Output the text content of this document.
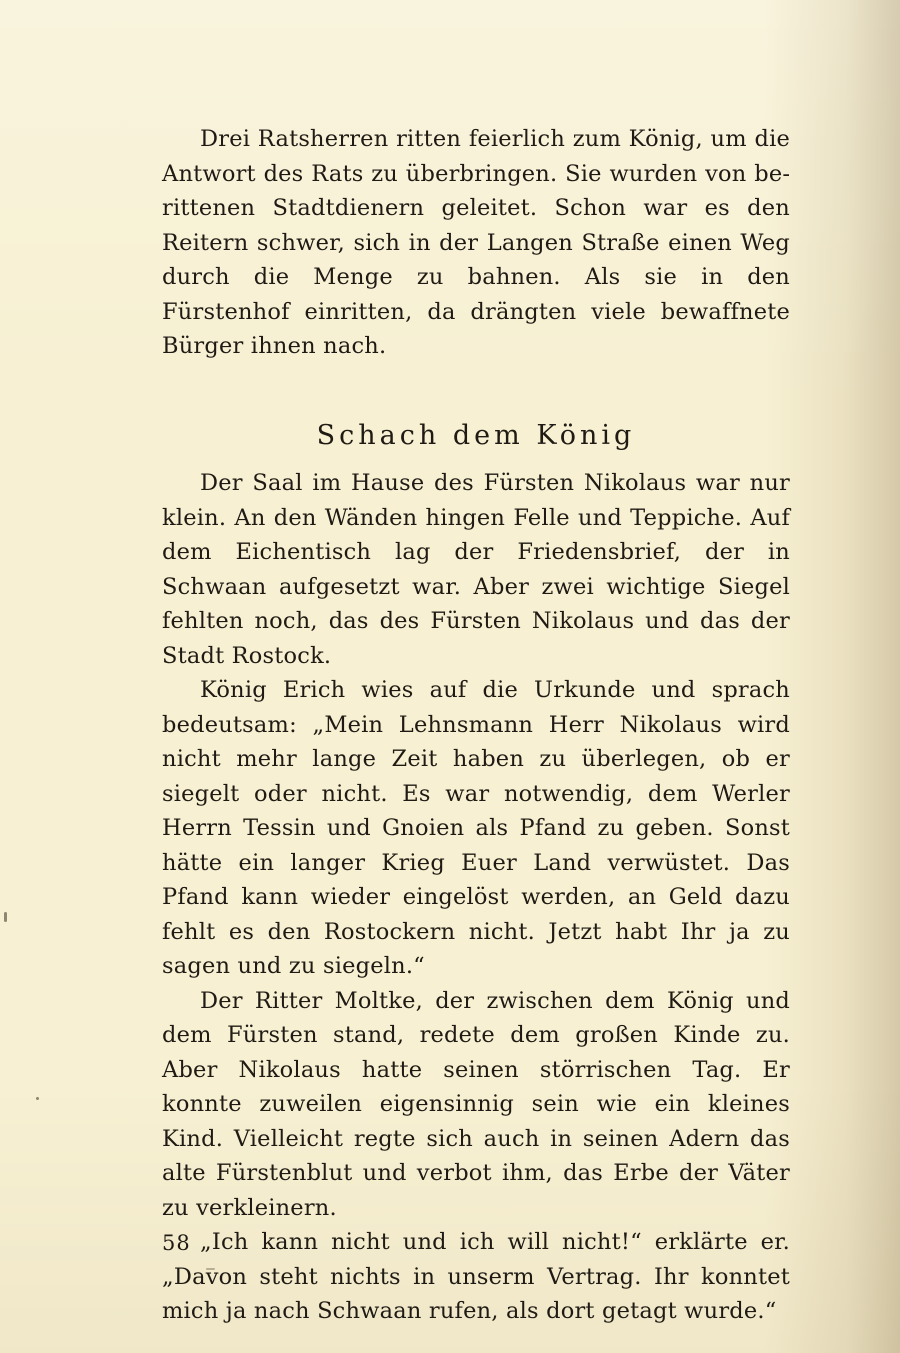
Drei Ratsherren ritten feierlich zum König, um die Antwort des Rats zu überbringen. Sie wurden von berittenen Stadtdienern geleitet. Schon war es den Reitern schwer, sich in der Langen Straße einen Weg durch die Menge zu bahnen. Als sie in den Fürstenhof einritten, da drängten viele bewaffnete Bürger ihnen nach.

Schach dem König

Der Saal im Hause des Fürsten Nikolaus war nur klein. An den Wänden hingen Felle und Teppiche. Auf dem Eichentisch lag der Friedensbrief, der in Schwaan aufgesetzt war. Aber zwei wichtige Siegel fehlten noch, das des Fürsten Nikolaus und das der Stadt Rostock.

König Erich wies auf die Urkunde und sprach bedeutsam: „Mein Lehnsmann Herr Nikolaus wird nicht mehr lange Zeit haben zu überlegen, ob er siegelt oder nicht. Es war notwendig, dem Werler Herrn Tessin und Gnoien als Pfand zu geben. Sonst hätte ein langer Krieg Euer Land verwüstet. Das Pfand kann wieder eingelöst werden, an Geld dazu fehlt es den Rostockern nicht. Jetzt habt Ihr ja zu sagen und zu siegeln.“

Der Ritter Moltke, der zwischen dem König und dem Fürsten stand, redete dem großen Kinde zu. Aber Nikolaus hatte seinen störrischen Tag. Er konnte zuweilen eigensinnig sein wie ein kleines Kind. Vielleicht regte sich auch in seinen Adern das alte Fürstenblut und verbot ihm, das Erbe der Väter zu verkleinern.

„Ich kann nicht und ich will nicht!“ erklärte er. „Davon steht nichts in unserm Vertrag. Ihr konntet mich ja nach Schwaan rufen, als dort getagt wurde.“

58
